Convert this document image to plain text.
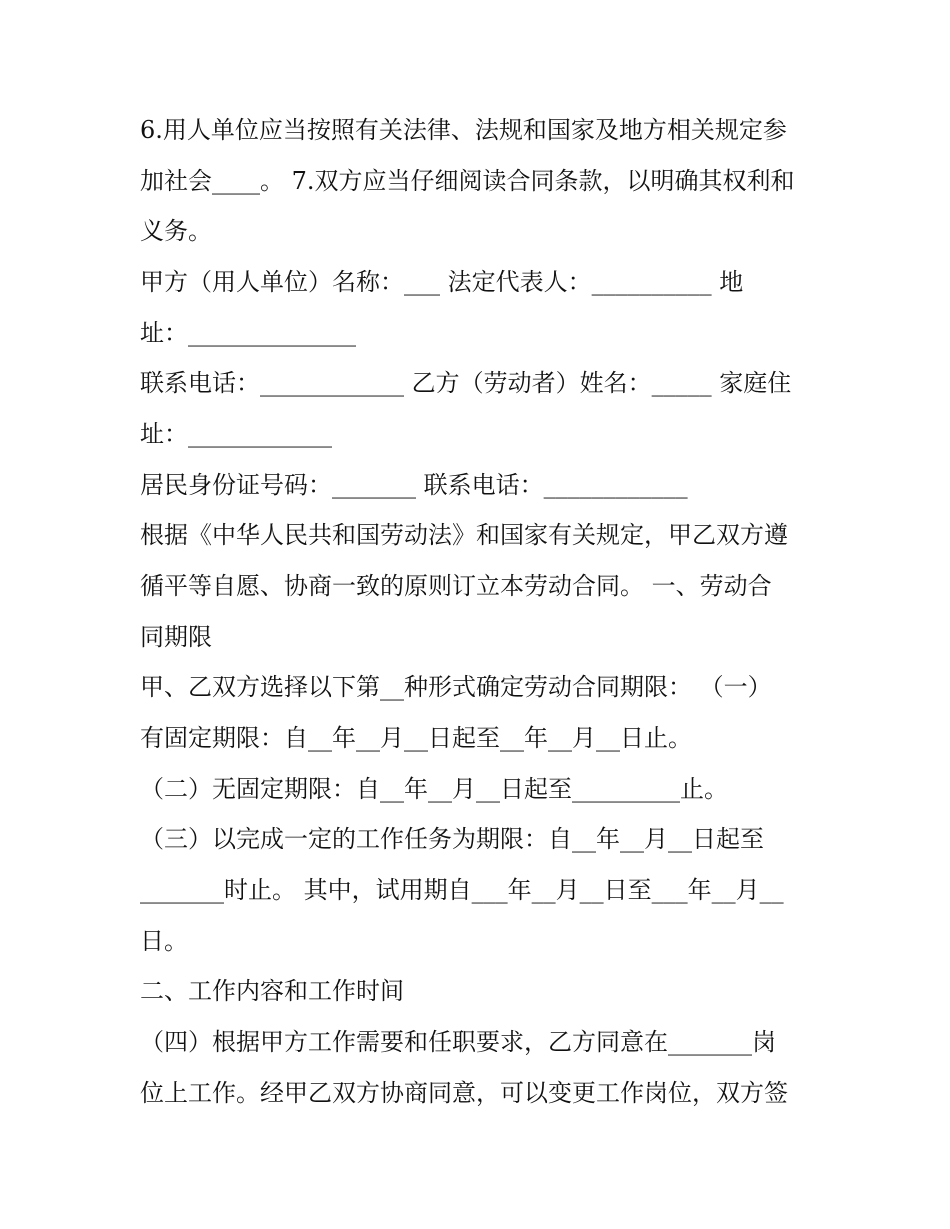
6.用人单位应当按照有关法律、法规和国家及地方相关规定参
加社会____。 7.双方应当仔细阅读合同条款，以明确其权利和
义务。
甲方（用人单位）名称：___ 法定代表人：__________ 地
址：______________
联系电话：____________ 乙方（劳动者）姓名：_____ 家庭住
址：____________
居民身份证号码：_______ 联系电话：____________
根据《中华人民共和国劳动法》和国家有关规定，甲乙双方遵
循平等自愿、协商一致的原则订立本劳动合同。 一、劳动合
同期限
甲、乙双方选择以下第__种形式确定劳动合同期限： （一）
有固定期限：自__年__月__日起至__年__月__日止。
（二）无固定期限：自__年__月__日起至_________止。
（三）以完成一定的工作任务为期限：自__年__月__日起至
_______时止。 其中，试用期自___年__月__日至___年__月__
日。
二、工作内容和工作时间
（四）根据甲方工作需要和任职要求，乙方同意在_______岗
位上工作。经甲乙双方协商同意，可以变更工作岗位，双方签
